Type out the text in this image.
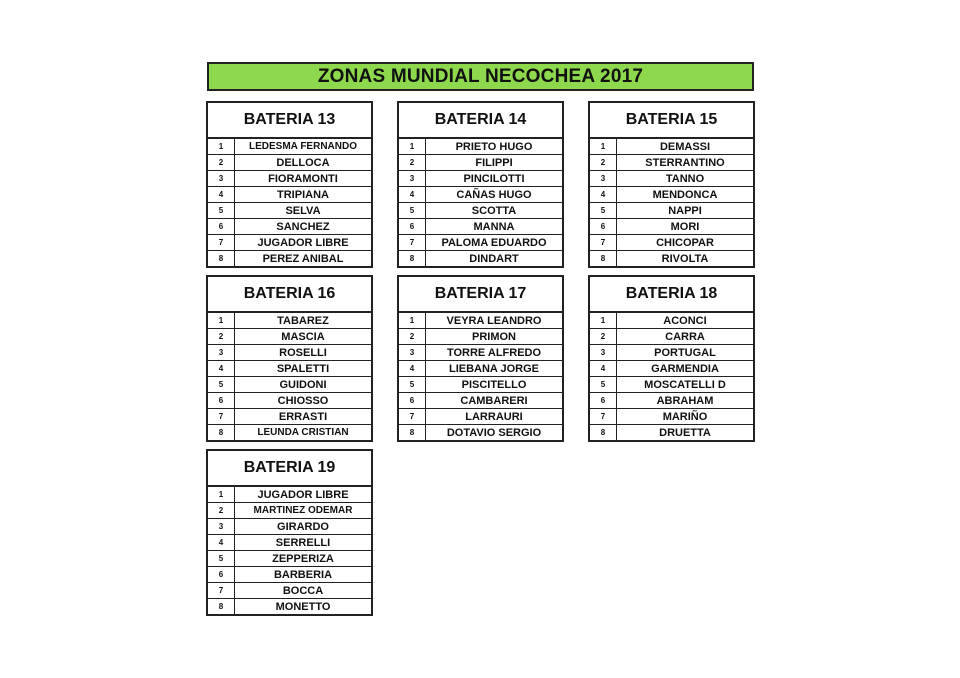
ZONAS MUNDIAL NECOCHEA 2017
BATERIA 13
1	LEDESMA FERNANDO
2	DELLOCA
3	FIORAMONTI
4	TRIPIANA
5	SELVA
6	SANCHEZ
7	JUGADOR LIBRE
8	PEREZ ANIBAL
BATERIA 14
1	PRIETO HUGO
2	FILIPPI
3	PINCILOTTI
4	CAÑAS HUGO
5	SCOTTA
6	MANNA
7	PALOMA EDUARDO
8	DINDART
BATERIA 15
1	DEMASSI
2	STERRANTINO
3	TANNO
4	MENDONCA
5	NAPPI
6	MORI
7	CHICOPAR
8	RIVOLTA
BATERIA 16
1	TABAREZ
2	MASCIA
3	ROSELLI
4	SPALETTI
5	GUIDONI
6	CHIOSSO
7	ERRASTI
8	LEUNDA CRISTIAN
BATERIA 17
1	VEYRA LEANDRO
2	PRIMON
3	TORRE ALFREDO
4	LIEBANA JORGE
5	PISCITELLO
6	CAMBARERI
7	LARRAURI
8	DOTAVIO SERGIO
BATERIA 18
1	ACONCI
2	CARRA
3	PORTUGAL
4	GARMENDIA
5	MOSCATELLI D
6	ABRAHAM
7	MARIÑO
8	DRUETTA
BATERIA 19
1	JUGADOR LIBRE
2	MARTINEZ ODEMAR
3	GIRARDO
4	SERRELLI
5	ZEPPERIZA
6	BARBERIA
7	BOCCA
8	MONETTO
